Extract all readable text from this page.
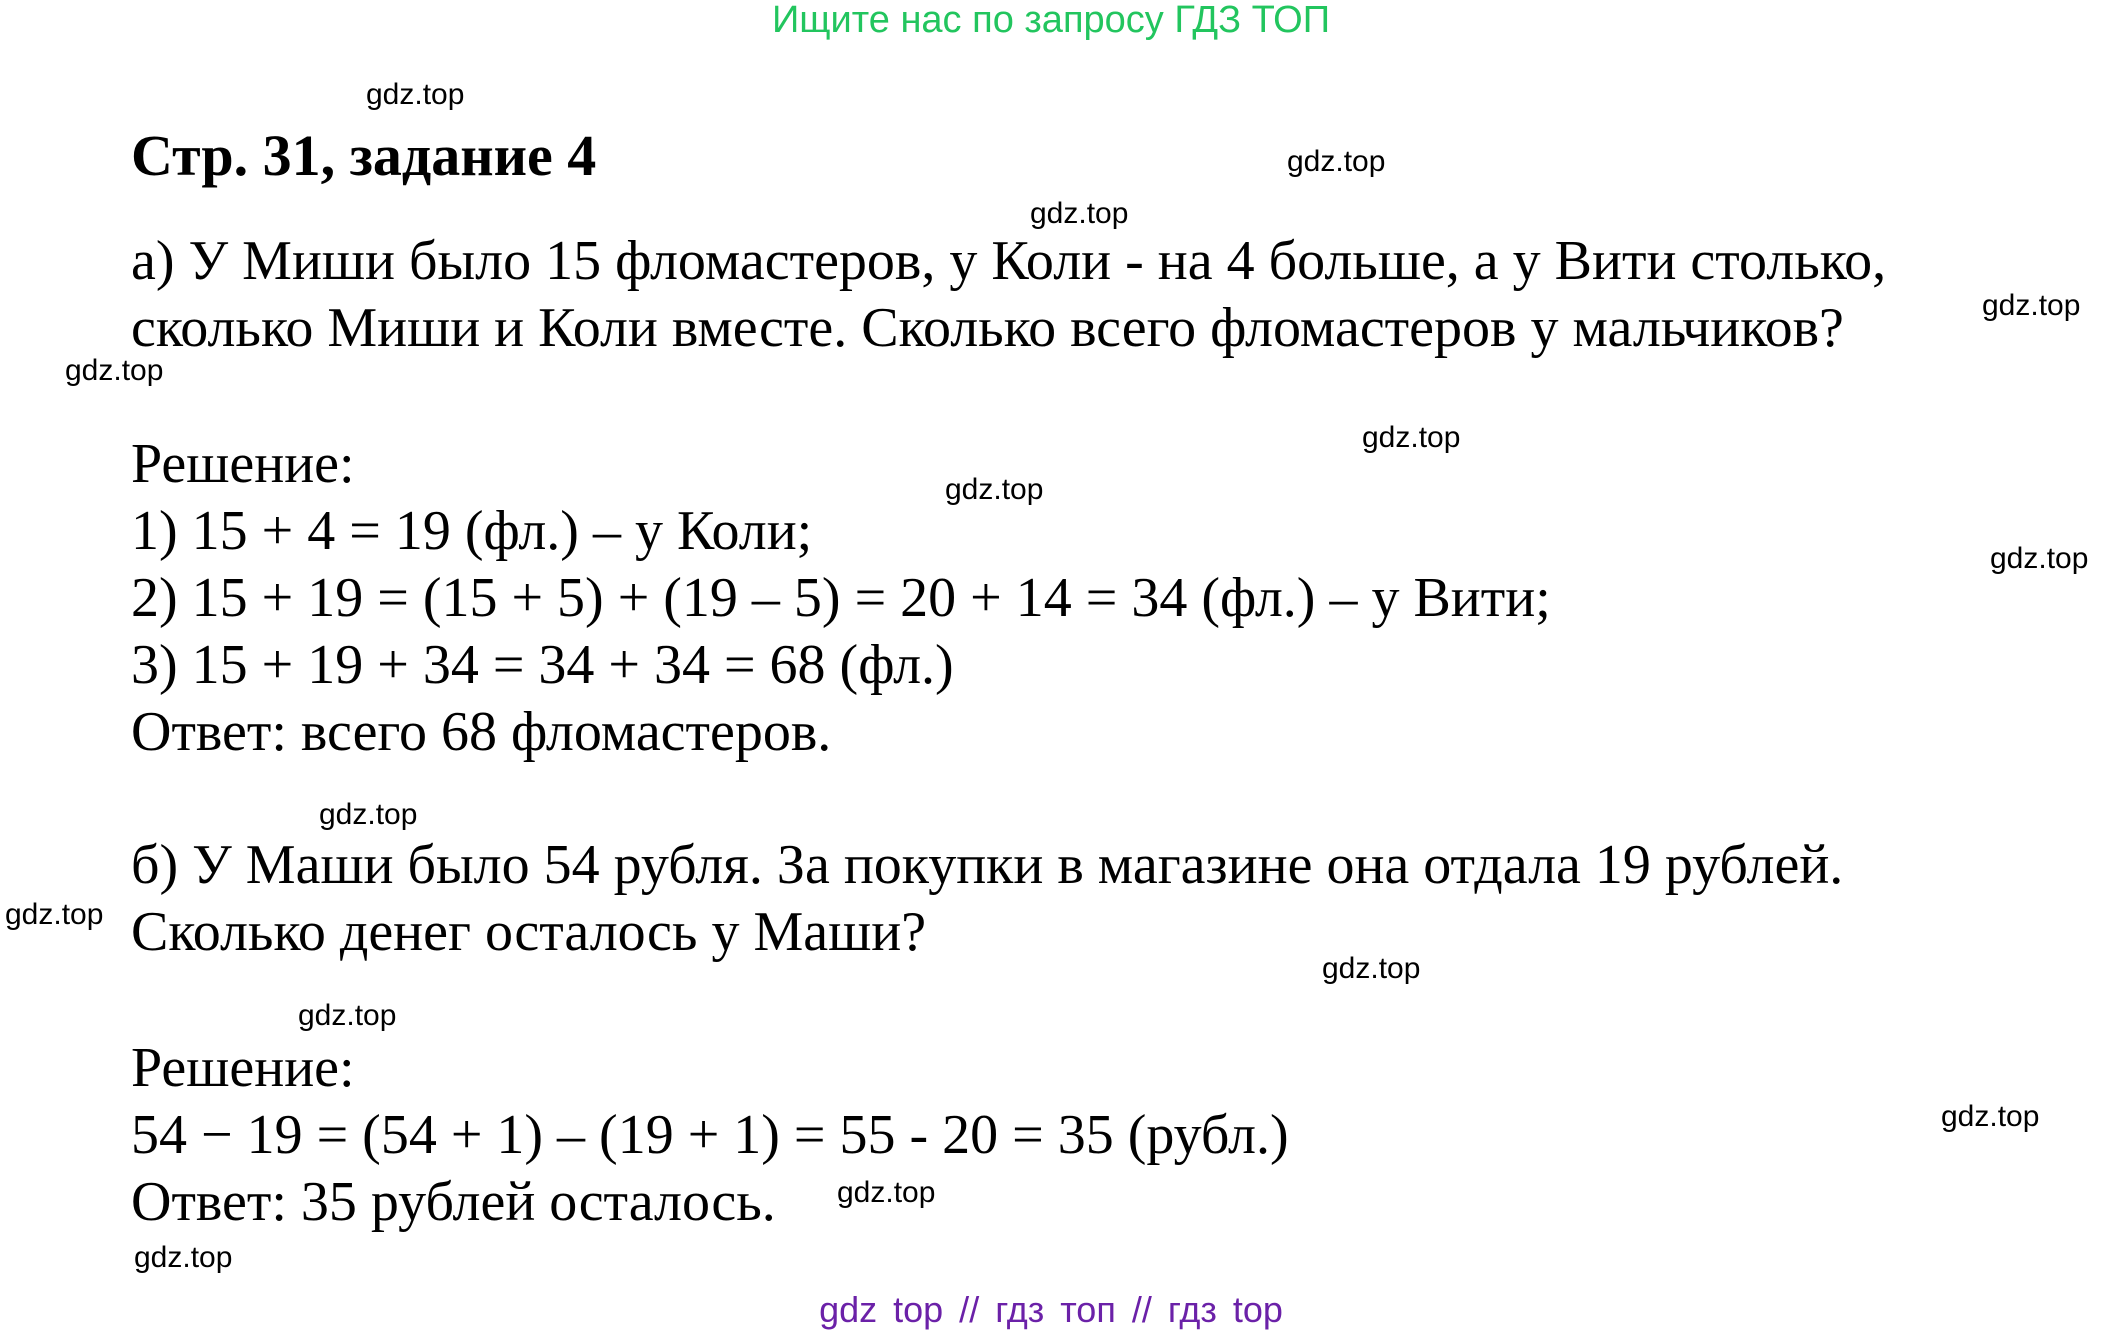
Ищите нас по запросу ГДЗ ТОП
gdz.top
gdz.top
gdz.top
gdz.top
gdz.top
gdz.top
gdz.top
gdz.top
gdz.top
gdz.top
gdz.top
gdz.top
gdz.top
gdz.top
gdz.top
Стр. 31, задание 4
а) У Миши было 15 фломастеров, у Коли - на 4 больше, а у Вити столько,
сколько Миши и Коли вместе. Сколько всего фломастеров у мальчиков?
Решение:
1) 15 + 4 = 19 (фл.) – у Коли;
2) 15 + 19 = (15 + 5) + (19 – 5) = 20 + 14 = 34 (фл.) – у Вити;
3) 15 + 19 + 34 = 34 + 34 = 68 (фл.)
Ответ: всего 68 фломастеров.
б) У Маши было 54 рубля. За покупки в магазине она отдала 19 рублей.
Сколько денег осталось у Маши?
Решение:
54 − 19 = (54 + 1) – (19 + 1) = 55 - 20 = 35 (рубл.)
Ответ: 35 рублей осталось.
gdz top // гдз топ // гдз top
